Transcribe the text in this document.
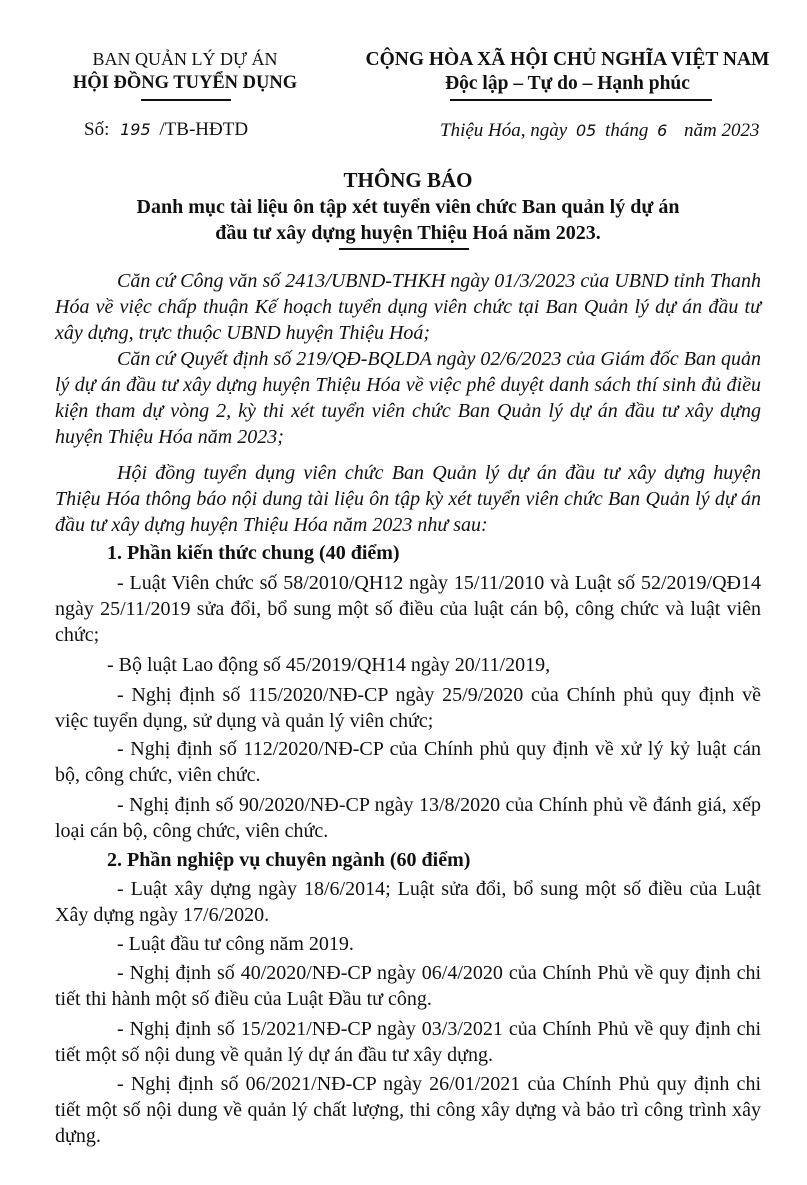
BAN QUẢN LÝ DỰ ÁN
HỘI ĐỒNG TUYỂN DỤNG
CỘNG HÒA XÃ HỘI CHỦ NGHĨA VIỆT NAM
Độc lập – Tự do – Hạnh phúc
Số: 195 /TB-HĐTD	Thiệu Hóa, ngày 05 tháng 6 năm 2023
THÔNG BÁO
Danh mục tài liệu ôn tập xét tuyển viên chức Ban quản lý dự án
đầu tư xây dựng huyện Thiệu Hoá năm 2023.
Căn cứ Công văn số 2413/UBND-THKH ngày 01/3/2023 của UBND tỉnh Thanh Hóa về việc chấp thuận Kế hoạch tuyển dụng viên chức tại Ban Quản lý dự án đầu tư xây dựng, trực thuộc UBND huyện Thiệu Hoá;
Căn cứ Quyết định số 219/QĐ-BQLDA ngày 02/6/2023 của Giám đốc Ban quản lý dự án đầu tư xây dựng huyện Thiệu Hóa về việc phê duyệt danh sách thí sinh đủ điều kiện tham dự vòng 2, kỳ thi xét tuyển viên chức Ban Quản lý dự án đầu tư xây dựng huyện Thiệu Hóa năm 2023;
Hội đồng tuyển dụng viên chức Ban Quản lý dự án đầu tư xây dựng huyện Thiệu Hóa thông báo nội dung tài liệu ôn tập kỳ xét tuyển viên chức Ban Quản lý dự án đầu tư xây dựng huyện Thiệu Hóa năm 2023 như sau:
1. Phần kiến thức chung (40 điểm)
- Luật Viên chức số 58/2010/QH12 ngày 15/11/2010 và Luật số 52/2019/QĐ14 ngày 25/11/2019 sửa đổi, bổ sung một số điều của luật cán bộ, công chức và luật viên chức;
- Bộ luật Lao động số 45/2019/QH14 ngày 20/11/2019,
- Nghị định số 115/2020/NĐ-CP ngày 25/9/2020 của Chính phủ quy định về việc tuyển dụng, sử dụng và quản lý viên chức;
- Nghị định số 112/2020/NĐ-CP của Chính phủ quy định về xử lý kỷ luật cán bộ, công chức, viên chức.
- Nghị định số 90/2020/NĐ-CP ngày 13/8/2020 của Chính phủ về đánh giá, xếp loại cán bộ, công chức, viên chức.
2. Phần nghiệp vụ chuyên ngành (60 điểm)
- Luật xây dựng ngày 18/6/2014; Luật sửa đổi, bổ sung một số điều của Luật Xây dựng ngày 17/6/2020.
- Luật đầu tư công năm 2019.
- Nghị định số 40/2020/NĐ-CP ngày 06/4/2020 của Chính Phủ về quy định chi tiết thi hành một số điều của Luật Đầu tư công.
- Nghị định số 15/2021/NĐ-CP ngày 03/3/2021 của Chính Phủ về quy định chi tiết một số nội dung về quản lý dự án đầu tư xây dựng.
- Nghị định số 06/2021/NĐ-CP ngày 26/01/2021 của Chính Phủ quy định chi tiết một số nội dung về quản lý chất lượng, thi công xây dựng và bảo trì công trình xây dựng.
